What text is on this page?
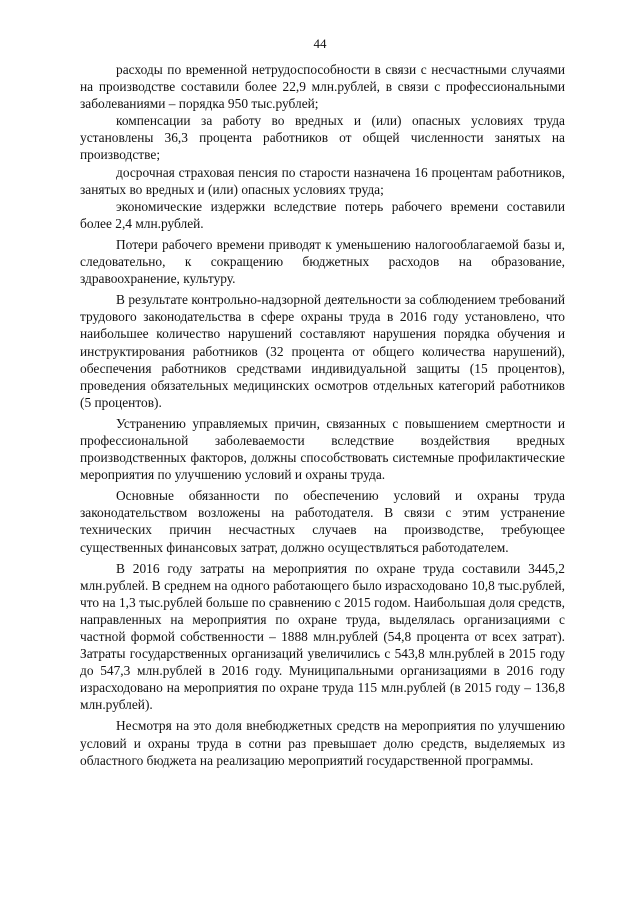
44

расходы по временной нетрудоспособности в связи с несчастными случаями на производстве составили более 22,9 млн.рублей, в связи с профессиональными заболеваниями – порядка 950 тыс.рублей;

компенсации за работу во вредных и (или) опасных условиях труда установлены 36,3 процента работников от общей численности занятых на производстве;

досрочная страховая пенсия по старости назначена 16 процентам работников, занятых во вредных и (или) опасных условиях труда;

экономические издержки вследствие потерь рабочего времени составили более 2,4 млн.рублей.

Потери рабочего времени приводят к уменьшению налогооблагаемой базы и, следовательно, к сокращению бюджетных расходов на образование, здравоохранение, культуру.

В результате контрольно-надзорной деятельности за соблюдением требований трудового законодательства в сфере охраны труда в 2016 году установлено, что наибольшее количество нарушений составляют нарушения порядка обучения и инструктирования работников (32 процента от общего количества нарушений), обеспечения работников средствами индивидуальной защиты (15 процентов), проведения обязательных медицинских осмотров отдельных категорий работников (5 процентов).

Устранению управляемых причин, связанных с повышением смертности и профессиональной заболеваемости вследствие воздействия вредных производственных факторов, должны способствовать системные профилактические мероприятия по улучшению условий и охраны труда.

Основные обязанности по обеспечению условий и охраны труда законодательством возложены на работодателя. В связи с этим устранение технических причин несчастных случаев на производстве, требующее существенных финансовых затрат, должно осуществляться работодателем.

В 2016 году затраты на мероприятия по охране труда составили 3445,2 млн.рублей. В среднем на одного работающего было израсходовано 10,8 тыс.рублей, что на 1,3 тыс.рублей больше по сравнению с 2015 годом. Наибольшая доля средств, направленных на мероприятия по охране труда, выделялась организациями с частной формой собственности – 1888 млн.рублей (54,8 процента от всех затрат). Затраты государственных организаций увеличились с 543,8 млн.рублей в 2015 году до 547,3 млн.рублей в 2016 году. Муниципальными организациями в 2016 году израсходовано на мероприятия по охране труда 115 млн.рублей (в 2015 году – 136,8 млн.рублей).

Несмотря на это доля внебюджетных средств на мероприятия по улучшению условий и охраны труда в сотни раз превышает долю средств, выделяемых из областного бюджета на реализацию мероприятий государственной программы.
